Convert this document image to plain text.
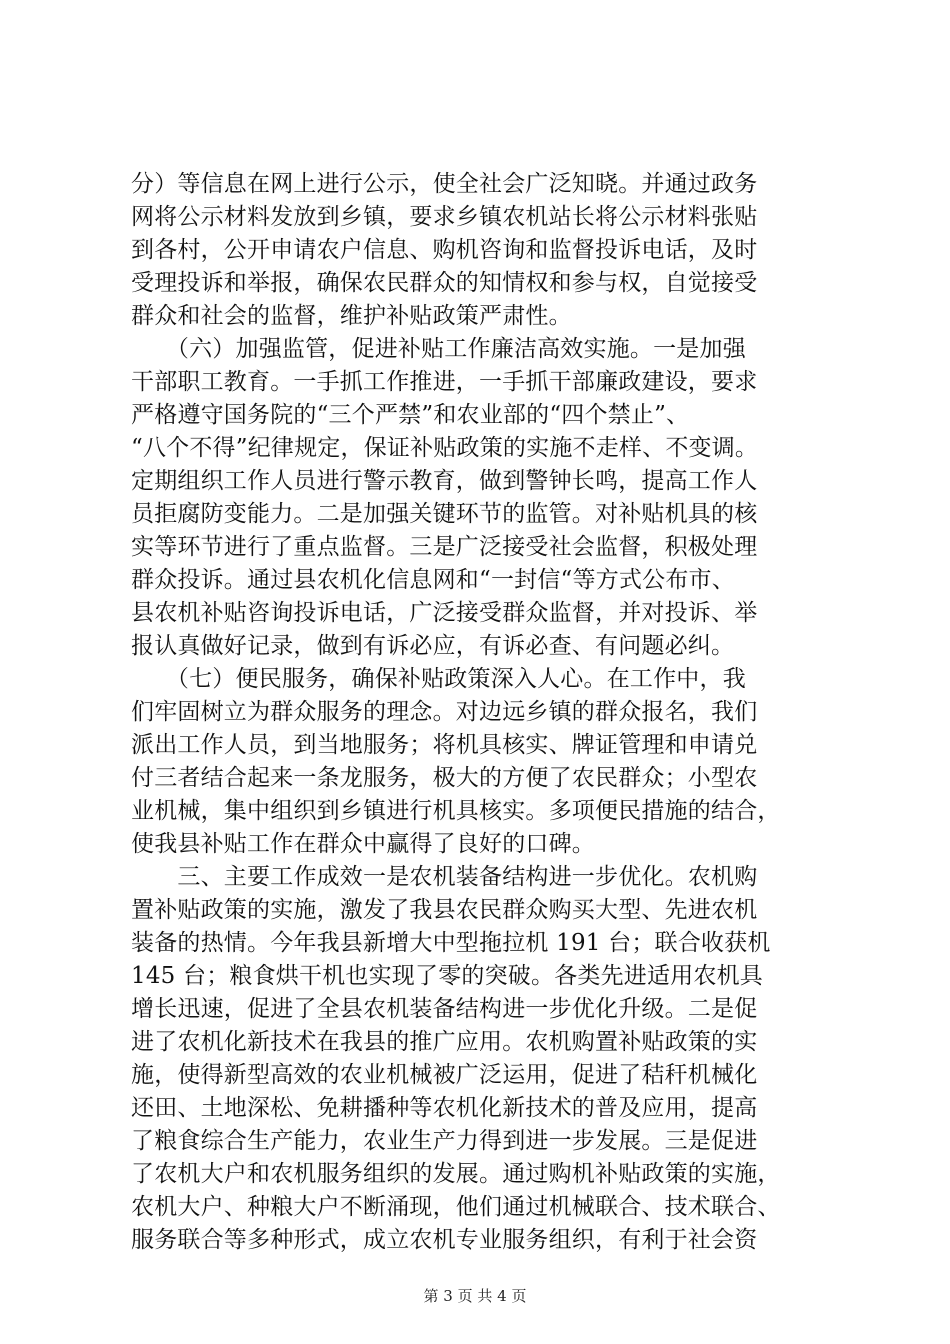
分）等信息在网上进行公示，使全社会广泛知晓。并通过政务
网将公示材料发放到乡镇，要求乡镇农机站长将公示材料张贴
到各村，公开申请农户信息、购机咨询和监督投诉电话，及时
受理投诉和举报，确保农民群众的知情权和参与权，自觉接受
群众和社会的监督，维护补贴政策严肃性。
　　（六）加强监管，促进补贴工作廉洁高效实施。一是加强
干部职工教育。一手抓工作推进，一手抓干部廉政建设，要求
严格遵守国务院的“三个严禁”和农业部的“四个禁止”、
“八个不得”纪律规定，保证补贴政策的实施不走样、不变调。
定期组织工作人员进行警示教育，做到警钟长鸣，提高工作人
员拒腐防变能力。二是加强关键环节的监管。对补贴机具的核
实等环节进行了重点监督。三是广泛接受社会监督，积极处理
群众投诉。通过县农机化信息网和“一封信“等方式公布市、
县农机补贴咨询投诉电话，广泛接受群众监督，并对投诉、举
报认真做好记录，做到有诉必应，有诉必查、有问题必纠。
　　（七）便民服务，确保补贴政策深入人心。在工作中，我
们牢固树立为群众服务的理念。对边远乡镇的群众报名，我们
派出工作人员，到当地服务；将机具核实、牌证管理和申请兑
付三者结合起来一条龙服务，极大的方便了农民群众；小型农
业机械，集中组织到乡镇进行机具核实。多项便民措施的结合，
使我县补贴工作在群众中赢得了良好的口碑。
　　三、主要工作成效一是农机装备结构进一步优化。农机购
置补贴政策的实施，激发了我县农民群众购买大型、先进农机
装备的热情。今年我县新增大中型拖拉机 191 台；联合收获机
145 台；粮食烘干机也实现了零的突破。各类先进适用农机具
增长迅速，促进了全县农机装备结构进一步优化升级。二是促
进了农机化新技术在我县的推广应用。农机购置补贴政策的实
施，使得新型高效的农业机械被广泛运用，促进了秸秆机械化
还田、土地深松、免耕播种等农机化新技术的普及应用，提高
了粮食综合生产能力，农业生产力得到进一步发展。三是促进
了农机大户和农机服务组织的发展。通过购机补贴政策的实施，
农机大户、种粮大户不断涌现，他们通过机械联合、技术联合、
服务联合等多种形式，成立农机专业服务组织，有利于社会资
第 3 页 共 4 页
